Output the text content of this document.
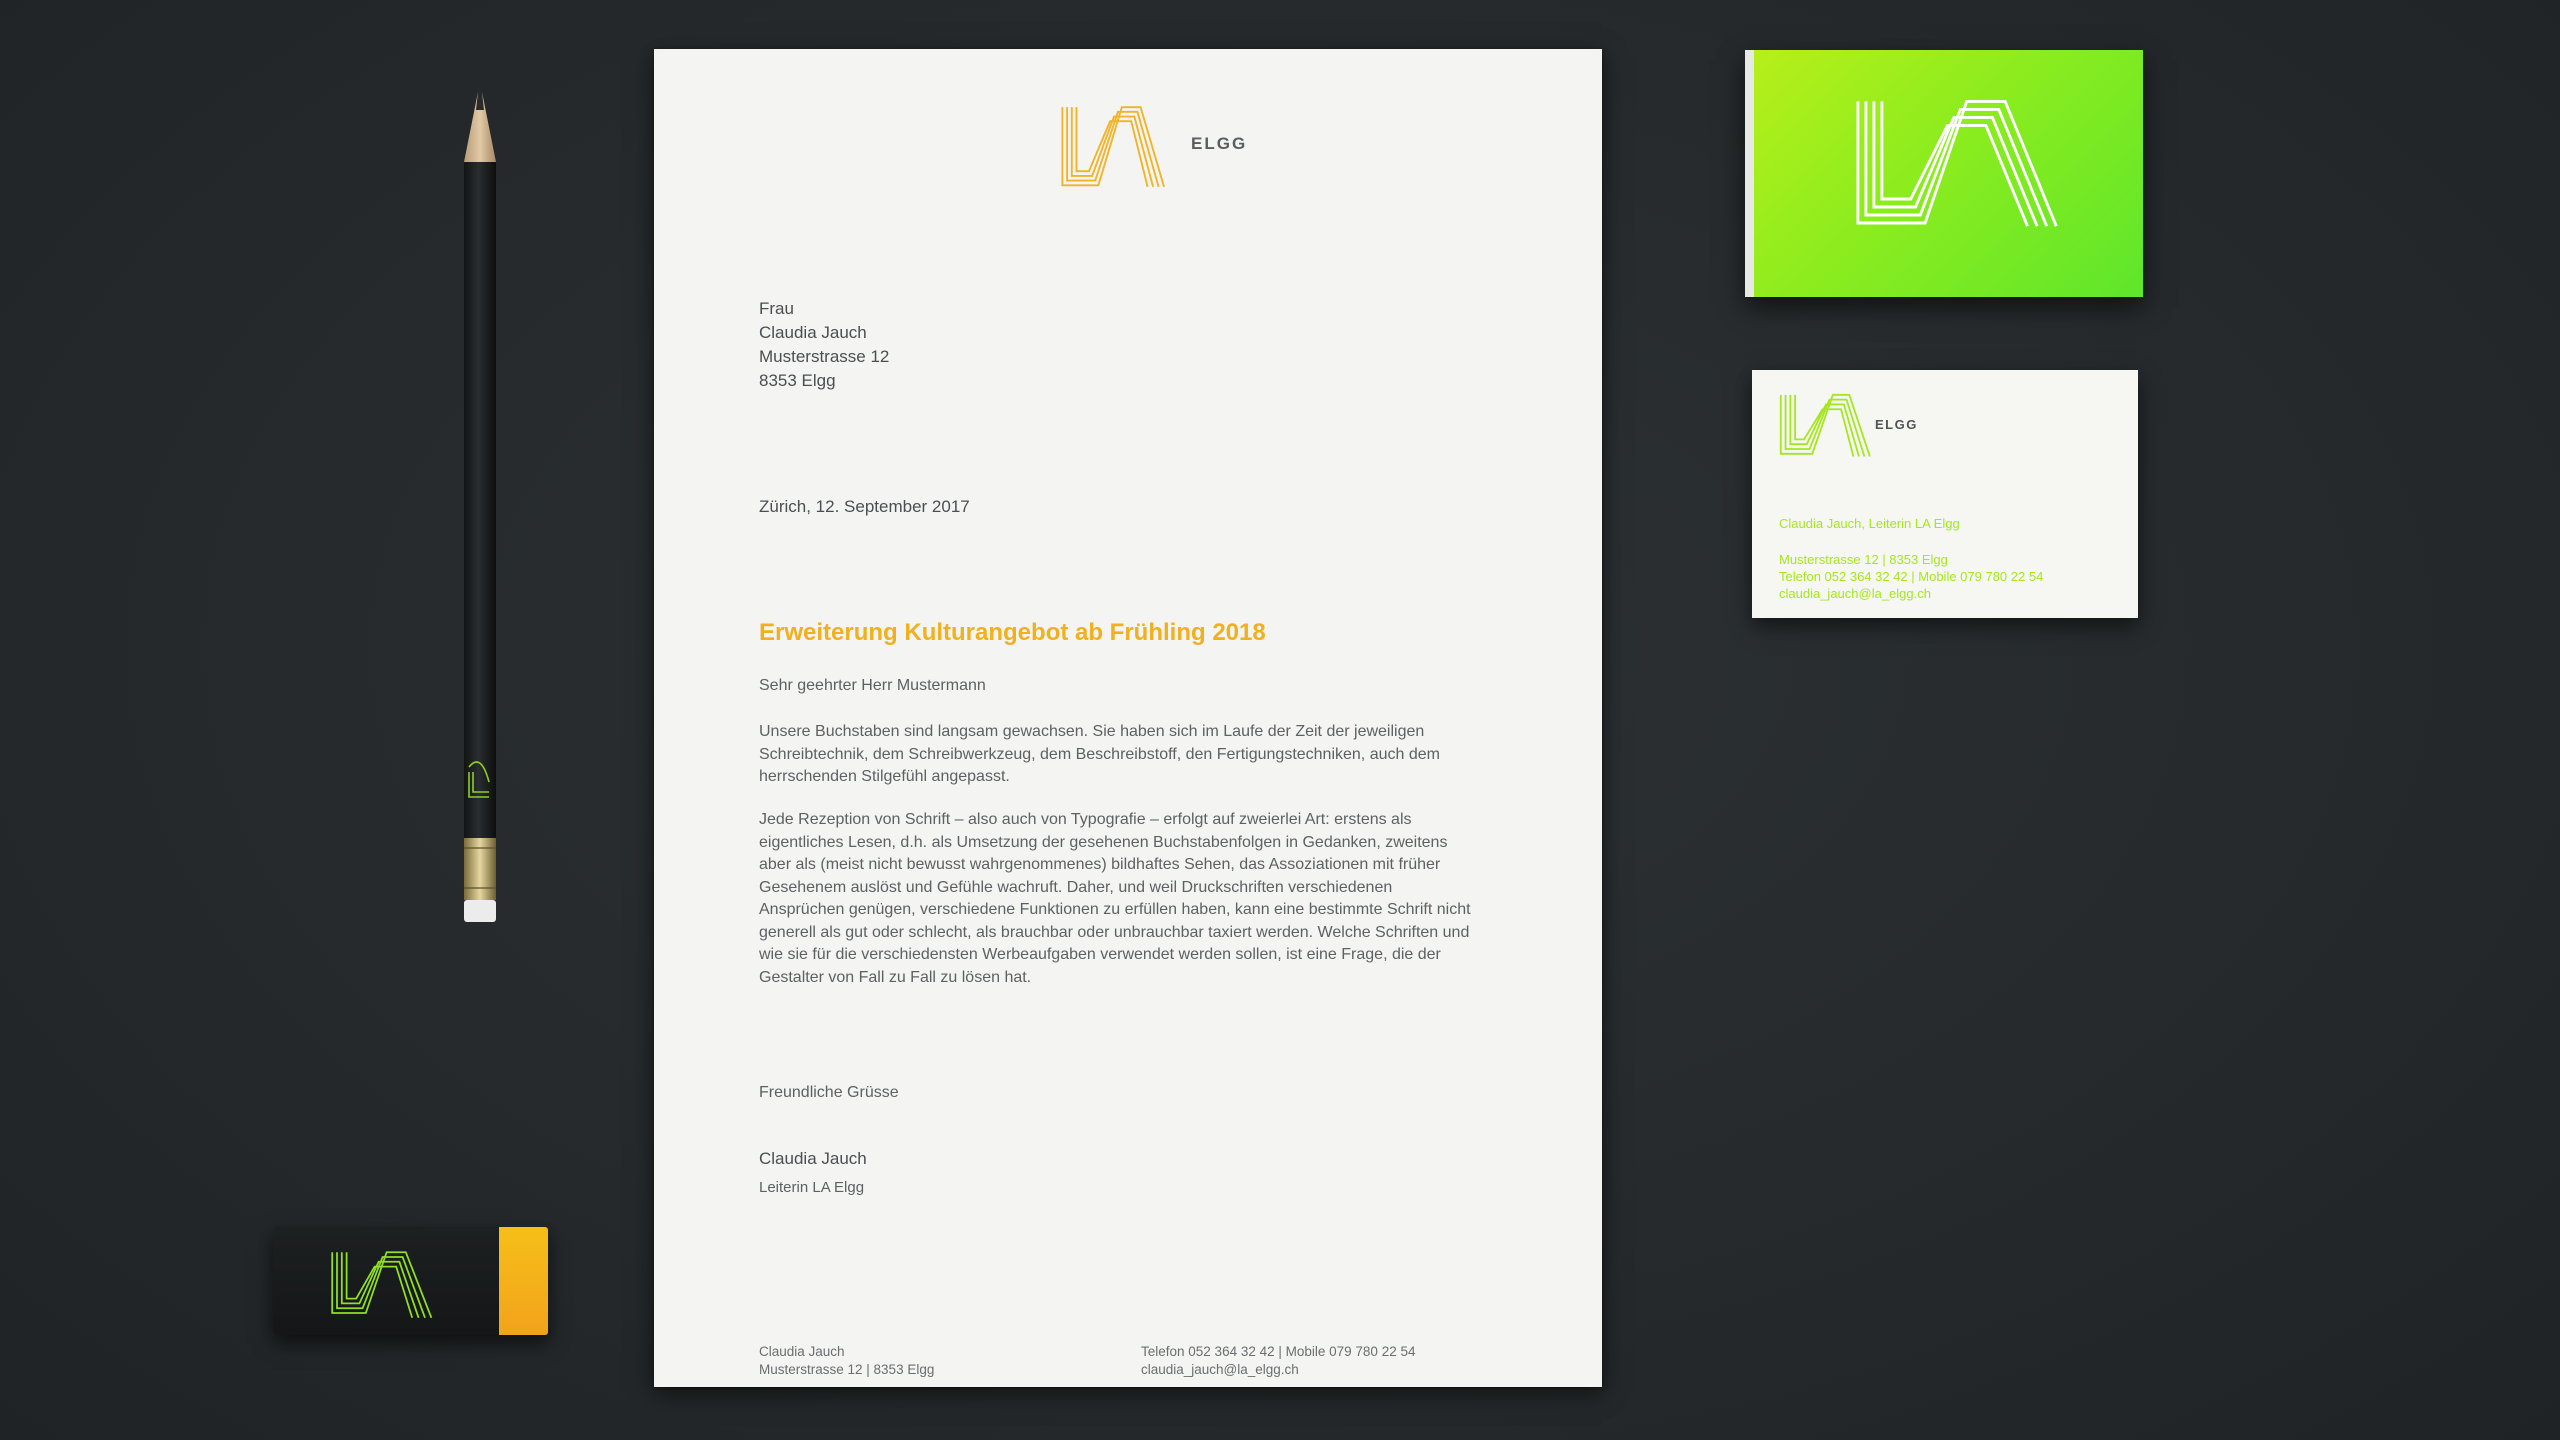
ELGG
Frau
Claudia Jauch
Musterstrasse 12
8353 Elgg
Zürich, 12. September 2017
Erweiterung Kulturangebot ab Frühling 2018
Sehr geehrter Herr Mustermann
Unsere Buchstaben sind langsam gewachsen. Sie haben sich im Laufe der Zeit der jeweiligen Schreibtechnik, dem Schreibwerkzeug, dem Beschreibstoff, den Fertigungstechniken, auch dem herrschenden Stilgefühl angepasst.
Jede Rezeption von Schrift – also auch von Typografie – erfolgt auf zweierlei Art: erstens als eigentliches Lesen, d.h. als Umsetzung der gesehenen Buchstabenfolgen in Gedanken, zweitens aber als (meist nicht bewusst wahrgenommenes) bildhaftes Sehen, das Assoziationen mit früher Gesehenem auslöst und Gefühle wachruft. Daher, und weil Druckschriften verschiedenen Ansprüchen genügen, verschiedene Funktionen zu erfüllen haben, kann eine bestimmte Schrift nicht generell als gut oder schlecht, als brauchbar oder unbrauchbar taxiert werden. Welche Schriften und wie sie für die verschiedensten Werbeaufgaben verwendet werden sollen, ist eine Frage, die der Gestalter von Fall zu Fall zu lösen hat.
Freundliche Grüsse
Claudia Jauch
Leiterin LA Elgg
Claudia Jauch
Musterstrasse 12 | 8353 Elgg
Telefon 052 364 32 42 | Mobile 079 780 22 54
claudia_jauch@la_elgg.ch
ELGG
Claudia Jauch, Leiterin LA Elgg
Musterstrasse 12 | 8353 Elgg
Telefon 052 364 32 42 | Mobile 079 780 22 54
claudia_jauch@la_elgg.ch
